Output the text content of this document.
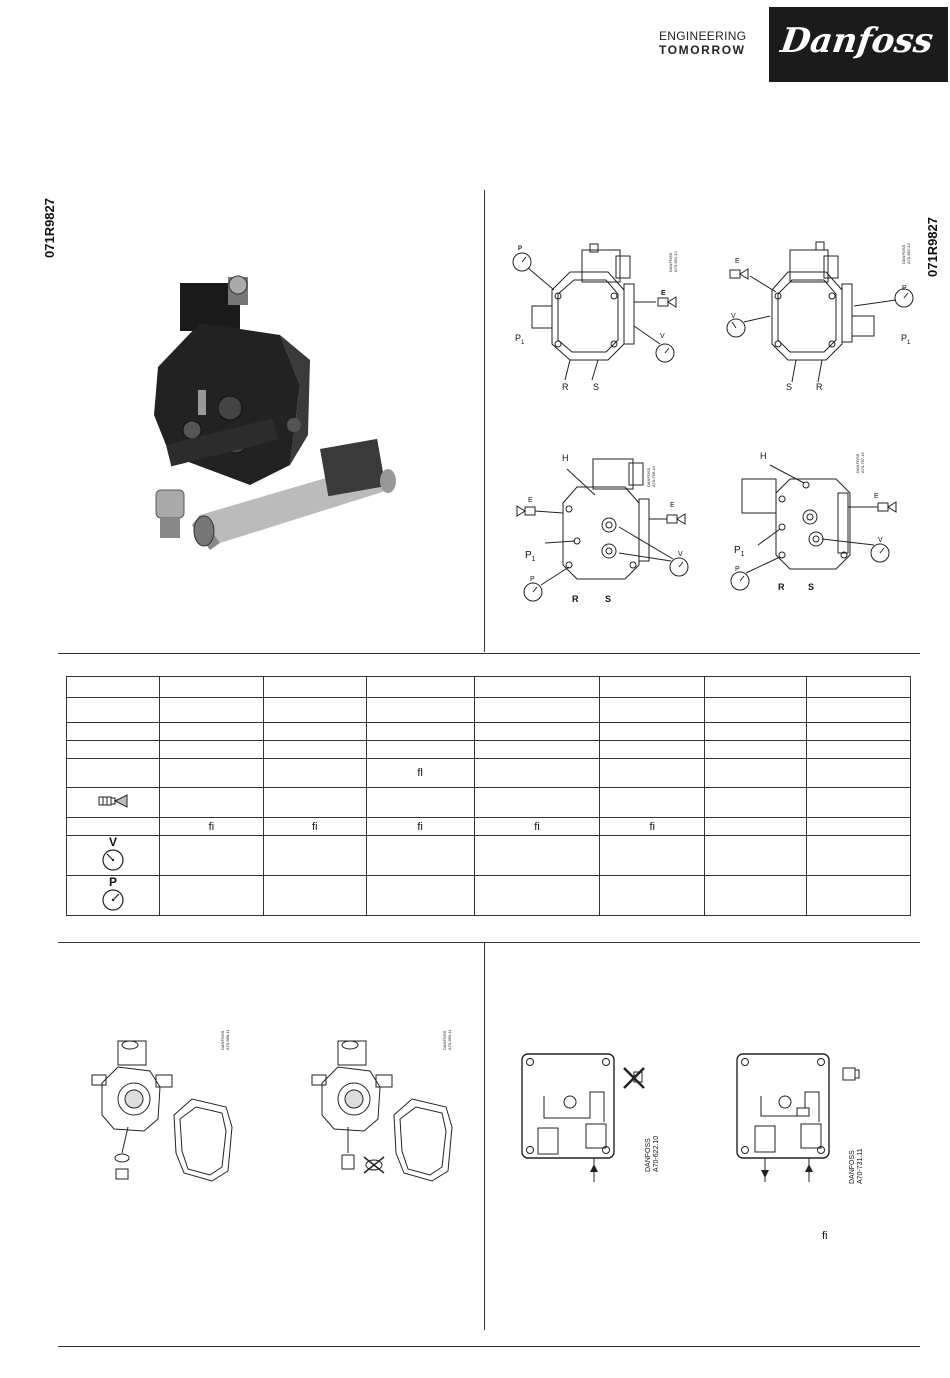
ENGINEERING
TOMORROW Danfoss
071R9827	071R9827
P
E
$P_1$
V
R	S
DANFOSS
A70-651.12	E
P
V
$P_1$
S	R
DANFOSS
A70-652.12
H
E
E
$P_1$
V
P
R	S
DANFOSS
A70-766.14
H
E
$P_1$
V
P
R	S
DANFOSS
A70-767.15

			ﬂ				

	ﬁ	ﬁ	ﬁ	ﬁ	ﬁ		

V							

P							

DANFOSS
A70-668.11	DANFOSS
A70-669.11
DANFOSS
A70-622.10	DANFOSS
A70-731.11
ﬁ
